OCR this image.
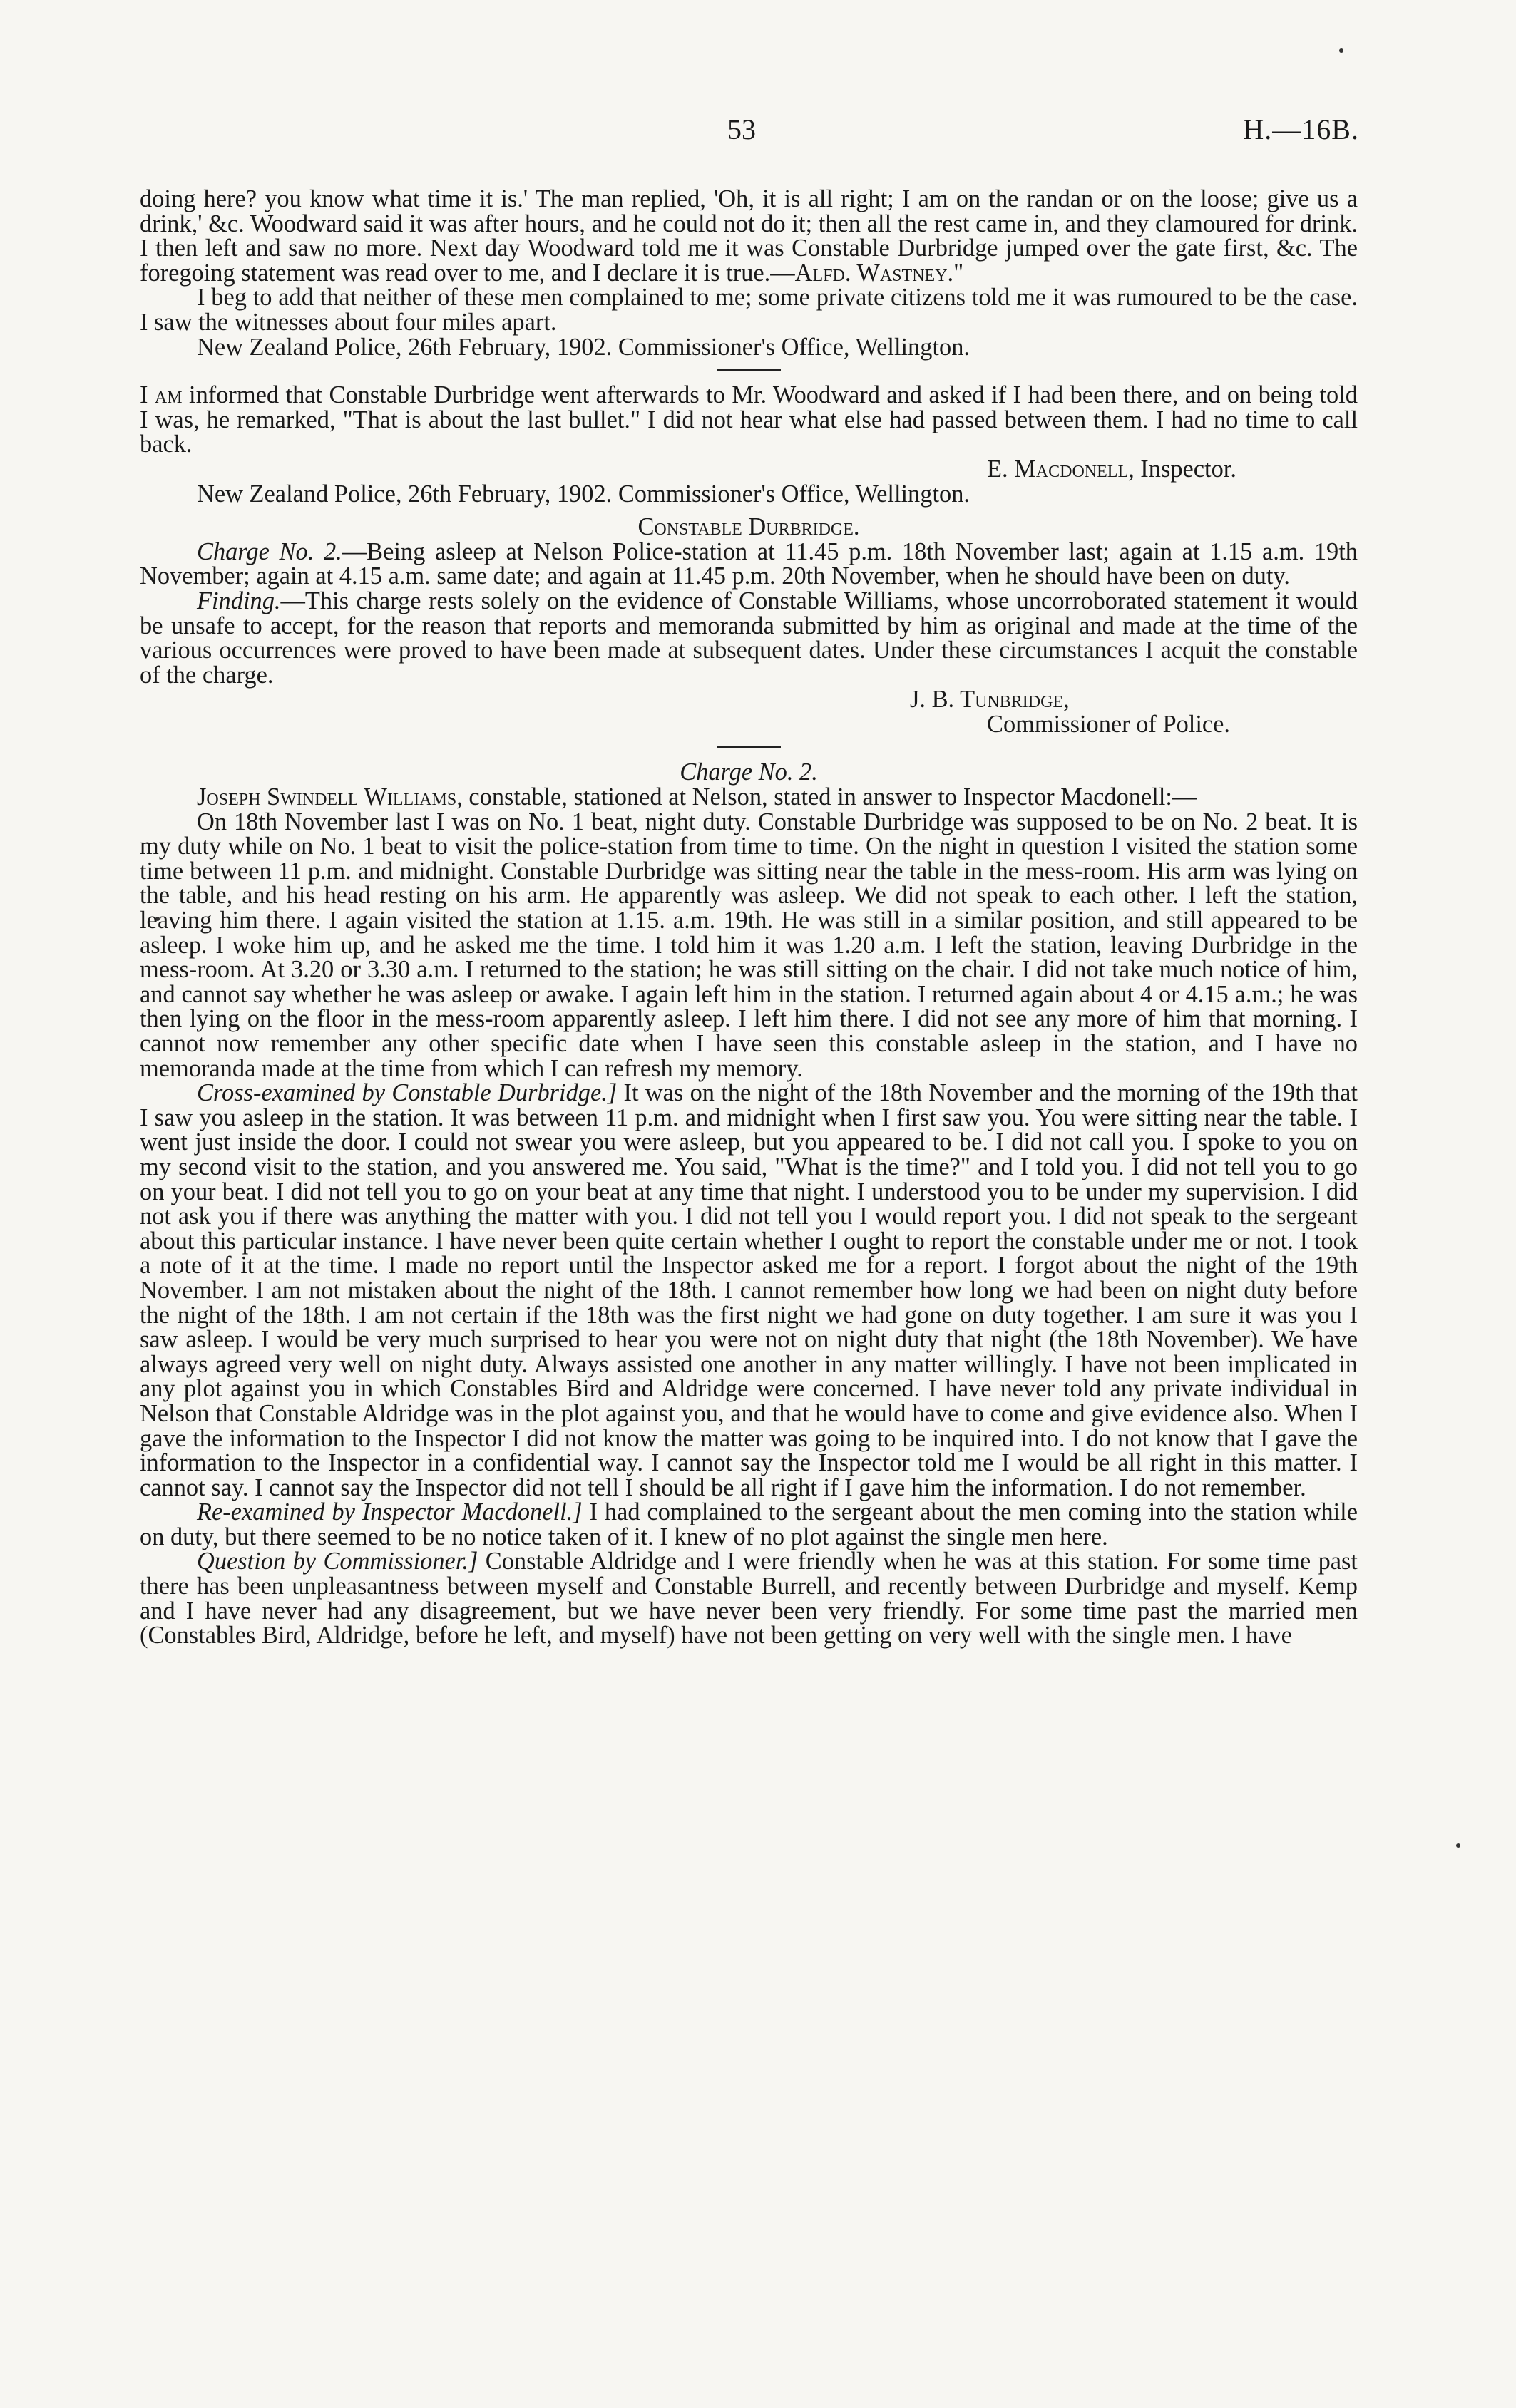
53	H.—16B.

doing here? you know what time it is.' The man replied, 'Oh, it is all right; I am on the randan or on the loose; give us a drink,' &c. Woodward said it was after hours, and he could not do it; then all the rest came in, and they clamoured for drink. I then left and saw no more. Next day Woodward told me it was Constable Durbridge jumped over the gate first, &c. The foregoing statement was read over to me, and I declare it is true.—Alfd. Wastney."

I beg to add that neither of these men complained to me; some private citizens told me it was rumoured to be the case. I saw the witnesses about four miles apart.

New Zealand Police, 26th February, 1902. Commissioner's Office, Wellington.

I am informed that Constable Durbridge went afterwards to Mr. Woodward and asked if I had been there, and on being told I was, he remarked, "That is about the last bullet." I did not hear what else had passed between them. I had no time to call back.

E. Macdonell, Inspector.

New Zealand Police, 26th February, 1902. Commissioner's Office, Wellington.

Constable Durbridge.

Charge No. 2.—Being asleep at Nelson Police-station at 11.45 p.m. 18th November last; again at 1.15 a.m. 19th November; again at 4.15 a.m. same date; and again at 11.45 p.m. 20th November, when he should have been on duty.

Finding.—This charge rests solely on the evidence of Constable Williams, whose uncorroborated statement it would be unsafe to accept, for the reason that reports and memoranda submitted by him as original and made at the time of the various occurrences were proved to have been made at subsequent dates. Under these circumstances I acquit the constable of the charge.

J. B. Tunbridge,

Commissioner of Police.

Charge No. 2.

Joseph Swindell Williams, constable, stationed at Nelson, stated in answer to Inspector Macdonell:—

On 18th November last I was on No. 1 beat, night duty. Constable Durbridge was supposed to be on No. 2 beat. It is my duty while on No. 1 beat to visit the police-station from time to time. On the night in question I visited the station some time between 11 p.m. and midnight. Constable Durbridge was sitting near the table in the mess-room. His arm was lying on the table, and his head resting on his arm. He apparently was asleep. We did not speak to each other. I left the station, leaving him there. I again visited the station at 1.15. a.m. 19th. He was still in a similar position, and still appeared to be asleep. I woke him up, and he asked me the time. I told him it was 1.20 a.m. I left the station, leaving Durbridge in the mess-room. At 3.20 or 3.30 a.m. I returned to the station; he was still sitting on the chair. I did not take much notice of him, and cannot say whether he was asleep or awake. I again left him in the station. I returned again about 4 or 4.15 a.m.; he was then lying on the floor in the mess-room apparently asleep. I left him there. I did not see any more of him that morning. I cannot now remember any other specific date when I have seen this constable asleep in the station, and I have no memoranda made at the time from which I can refresh my memory.

Cross-examined by Constable Durbridge.] It was on the night of the 18th November and the morning of the 19th that I saw you asleep in the station. It was between 11 p.m. and midnight when I first saw you. You were sitting near the table. I went just inside the door. I could not swear you were asleep, but you appeared to be. I did not call you. I spoke to you on my second visit to the station, and you answered me. You said, "What is the time?" and I told you. I did not tell you to go on your beat. I did not tell you to go on your beat at any time that night. I understood you to be under my supervision. I did not ask you if there was anything the matter with you. I did not tell you I would report you. I did not speak to the sergeant about this particular instance. I have never been quite certain whether I ought to report the constable under me or not. I took a note of it at the time. I made no report until the Inspector asked me for a report. I forgot about the night of the 19th November. I am not mistaken about the night of the 18th. I cannot remember how long we had been on night duty before the night of the 18th. I am not certain if the 18th was the first night we had gone on duty together. I am sure it was you I saw asleep. I would be very much surprised to hear you were not on night duty that night (the 18th November). We have always agreed very well on night duty. Always assisted one another in any matter willingly. I have not been implicated in any plot against you in which Constables Bird and Aldridge were concerned. I have never told any private individual in Nelson that Constable Aldridge was in the plot against you, and that he would have to come and give evidence also. When I gave the information to the Inspector I did not know the matter was going to be inquired into. I do not know that I gave the information to the Inspector in a confidential way. I cannot say the Inspector told me I would be all right in this matter. I cannot say. I cannot say the Inspector did not tell I should be all right if I gave him the information. I do not remember.

Re-examined by Inspector Macdonell.] I had complained to the sergeant about the men coming into the station while on duty, but there seemed to be no notice taken of it. I knew of no plot against the single men here.

Question by Commissioner.] Constable Aldridge and I were friendly when he was at this station. For some time past there has been unpleasantness between myself and Constable Burrell, and recently between Durbridge and myself. Kemp and I have never had any disagreement, but we have never been very friendly. For some time past the married men (Constables Bird, Aldridge, before he left, and myself) have not been getting on very well with the single men. I have
